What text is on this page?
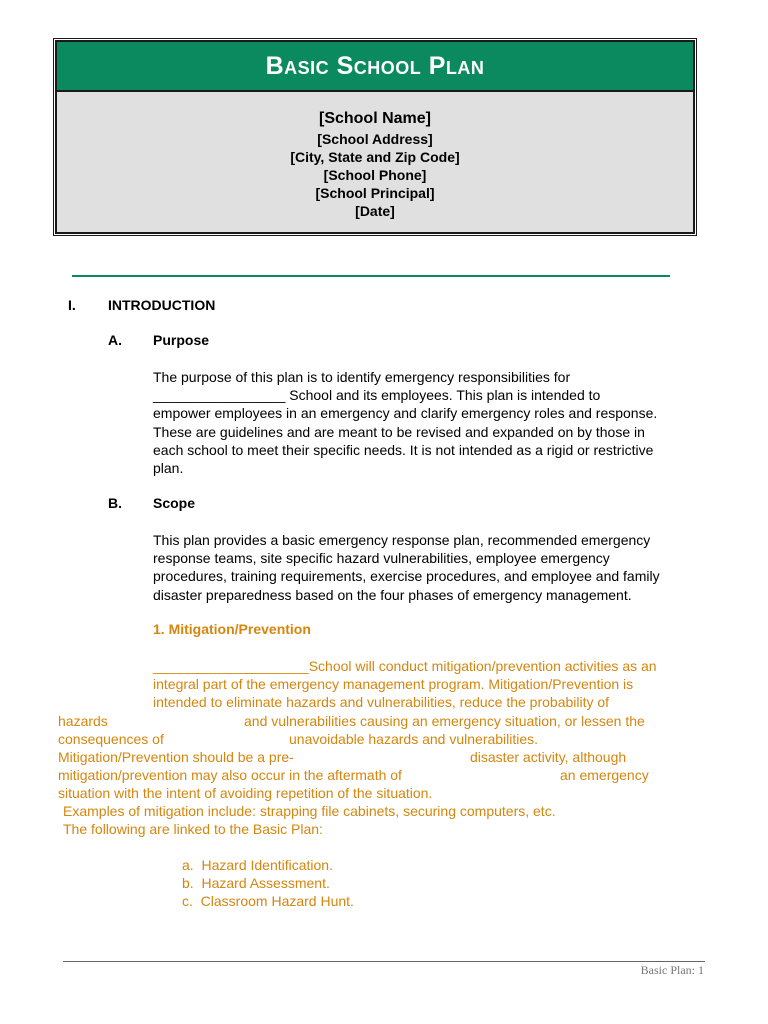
Basic School Plan
[School Name]
[School Address]
[City, State and Zip Code]
[School Phone]
[School Principal]
[Date]
I. INTRODUCTION
A. Purpose
The purpose of this plan is to identify emergency responsibilities for
_________________ School and its employees. This plan is intended to
empower employees in an emergency and clarify emergency roles and response.
These are guidelines and are meant to be revised and expanded on by those in
each school to meet their specific needs. It is not intended as a rigid or restrictive
plan.
B. Scope
This plan provides a basic emergency response plan, recommended emergency
response teams, site specific hazard vulnerabilities, employee emergency
procedures, training requirements, exercise procedures, and employee and family
disaster preparedness based on the four phases of emergency management.
1. Mitigation/Prevention
____________________School will conduct mitigation/prevention activities as an
integral part of the emergency management program. Mitigation/Prevention is
intended to eliminate hazards and vulnerabilities, reduce the probability of
hazards	and vulnerabilities causing an emergency situation, or lessen the
consequences of	unavoidable hazards and vulnerabilities.
Mitigation/Prevention should be a pre-	disaster activity, although
mitigation/prevention may also occur in the aftermath of	an emergency
situation with the intent of avoiding repetition of the situation.
Examples of mitigation include: strapping file cabinets, securing computers, etc.
The following are linked to the Basic Plan:
a. Hazard Identification.
b. Hazard Assessment.
c. Classroom Hazard Hunt.
Basic Plan: 1
